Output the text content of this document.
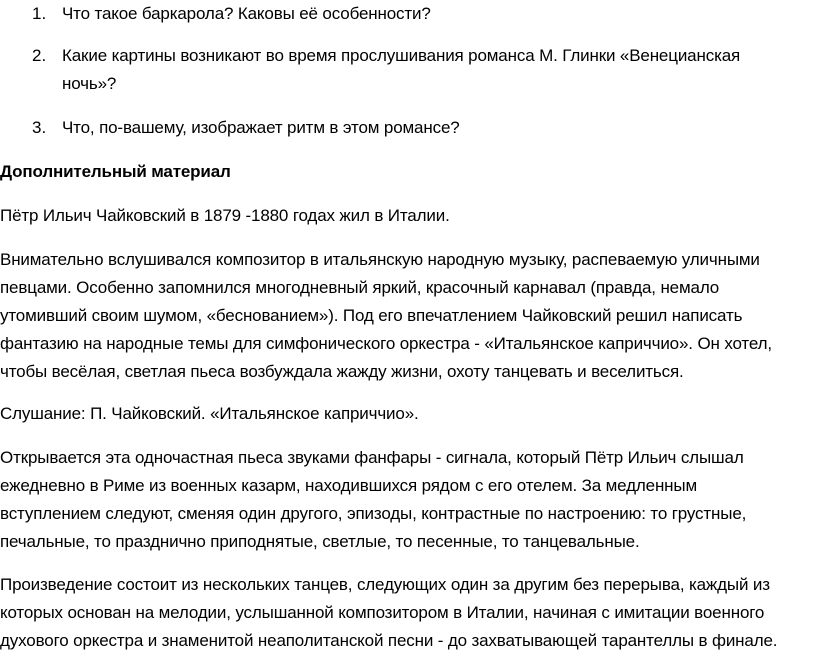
1. Что такое баркарола? Каковы её особенности?
2. Какие картины возникают во время прослушивания романса М. Глинки «Венецианская
ночь»?
3. Что, по-вашему, изображает ритм в этом романсе?
Дополнительный материал
Пётр Ильич Чайковский в 1879 -1880 годах жил в Италии.
Внимательно вслушивался композитор в итальянскую народную музыку, распеваемую уличными
певцами. Особенно запомнился многодневный яркий, красочный карнавал (правда, немало
утомивший своим шумом, «беснованием»). Под его впечатлением Чайковский решил написать
фантазию на народные темы для симфонического оркестра - «Итальянское каприччио». Он хотел,
чтобы весёлая, светлая пьеса возбуждала жажду жизни, охоту танцевать и веселиться.
Слушание: П. Чайковский. «Итальянское каприччио».
Открывается эта одночастная пьеса звуками фанфары - сигнала, который Пётр Ильич слышал
ежедневно в Риме из военных казарм, находившихся рядом с его отелем. За медленным
вступлением следуют, сменяя один другого, эпизоды, контрастные по настроению: то грустные,
печальные, то празднично приподнятые, светлые, то песенные, то танцевальные.
Произведение состоит из нескольких танцев, следующих один за другим без перерыва, каждый из
которых основан на мелодии, услышанной композитором в Италии, начиная с имитации военного
духового оркестра и знаменитой неаполитанской песни - до захватывающей тарантеллы в финале.
